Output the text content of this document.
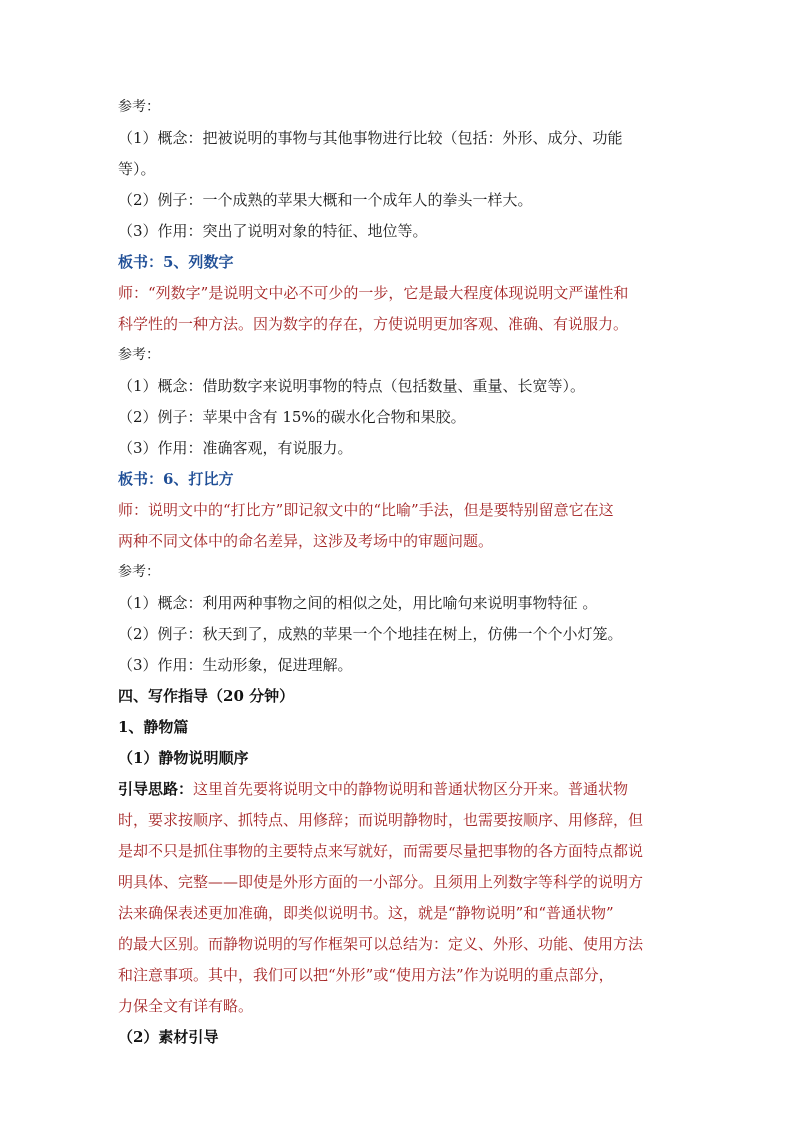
参考：
（1）概念：把被说明的事物与其他事物进行比较（包括：外形、成分、功能
等）。
（2）例子：一个成熟的苹果大概和一个成年人的拳头一样大。
（3）作用：突出了说明对象的特征、地位等。
板书：5、列数字
师：“列数字”是说明文中必不可少的一步，它是最大程度体现说明文严谨性和
科学性的一种方法。因为数字的存在，方使说明更加客观、准确、有说服力。
参考：
（1）概念：借助数字来说明事物的特点（包括数量、重量、长宽等）。
（2）例子：苹果中含有 15%的碳水化合物和果胶。
（3）作用：准确客观，有说服力。
板书：6、打比方
师：说明文中的“打比方”即记叙文中的“比喻”手法，但是要特别留意它在这
两种不同文体中的命名差异，这涉及考场中的审题问题。
参考：
（1）概念：利用两种事物之间的相似之处，用比喻句来说明事物特征 。
（2）例子：秋天到了，成熟的苹果一个个地挂在树上，仿佛一个个小灯笼。
（3）作用：生动形象，促进理解。
四、写作指导（20 分钟）
1、静物篇
（1）静物说明顺序
引导思路：这里首先要将说明文中的静物说明和普通状物区分开来。普通状物
时，要求按顺序、抓特点、用修辞；而说明静物时，也需要按顺序、用修辞，但
是却不只是抓住事物的主要特点来写就好，而需要尽量把事物的各方面特点都说
明具体、完整——即使是外形方面的一小部分。且须用上列数字等科学的说明方
法来确保表述更加准确，即类似说明书。这，就是“静物说明”和“普通状物”
的最大区别。而静物说明的写作框架可以总结为：定义、外形、功能、使用方法
和注意事项。其中，我们可以把“外形”或“使用方法”作为说明的重点部分，
力保全文有详有略。
（2）素材引导
